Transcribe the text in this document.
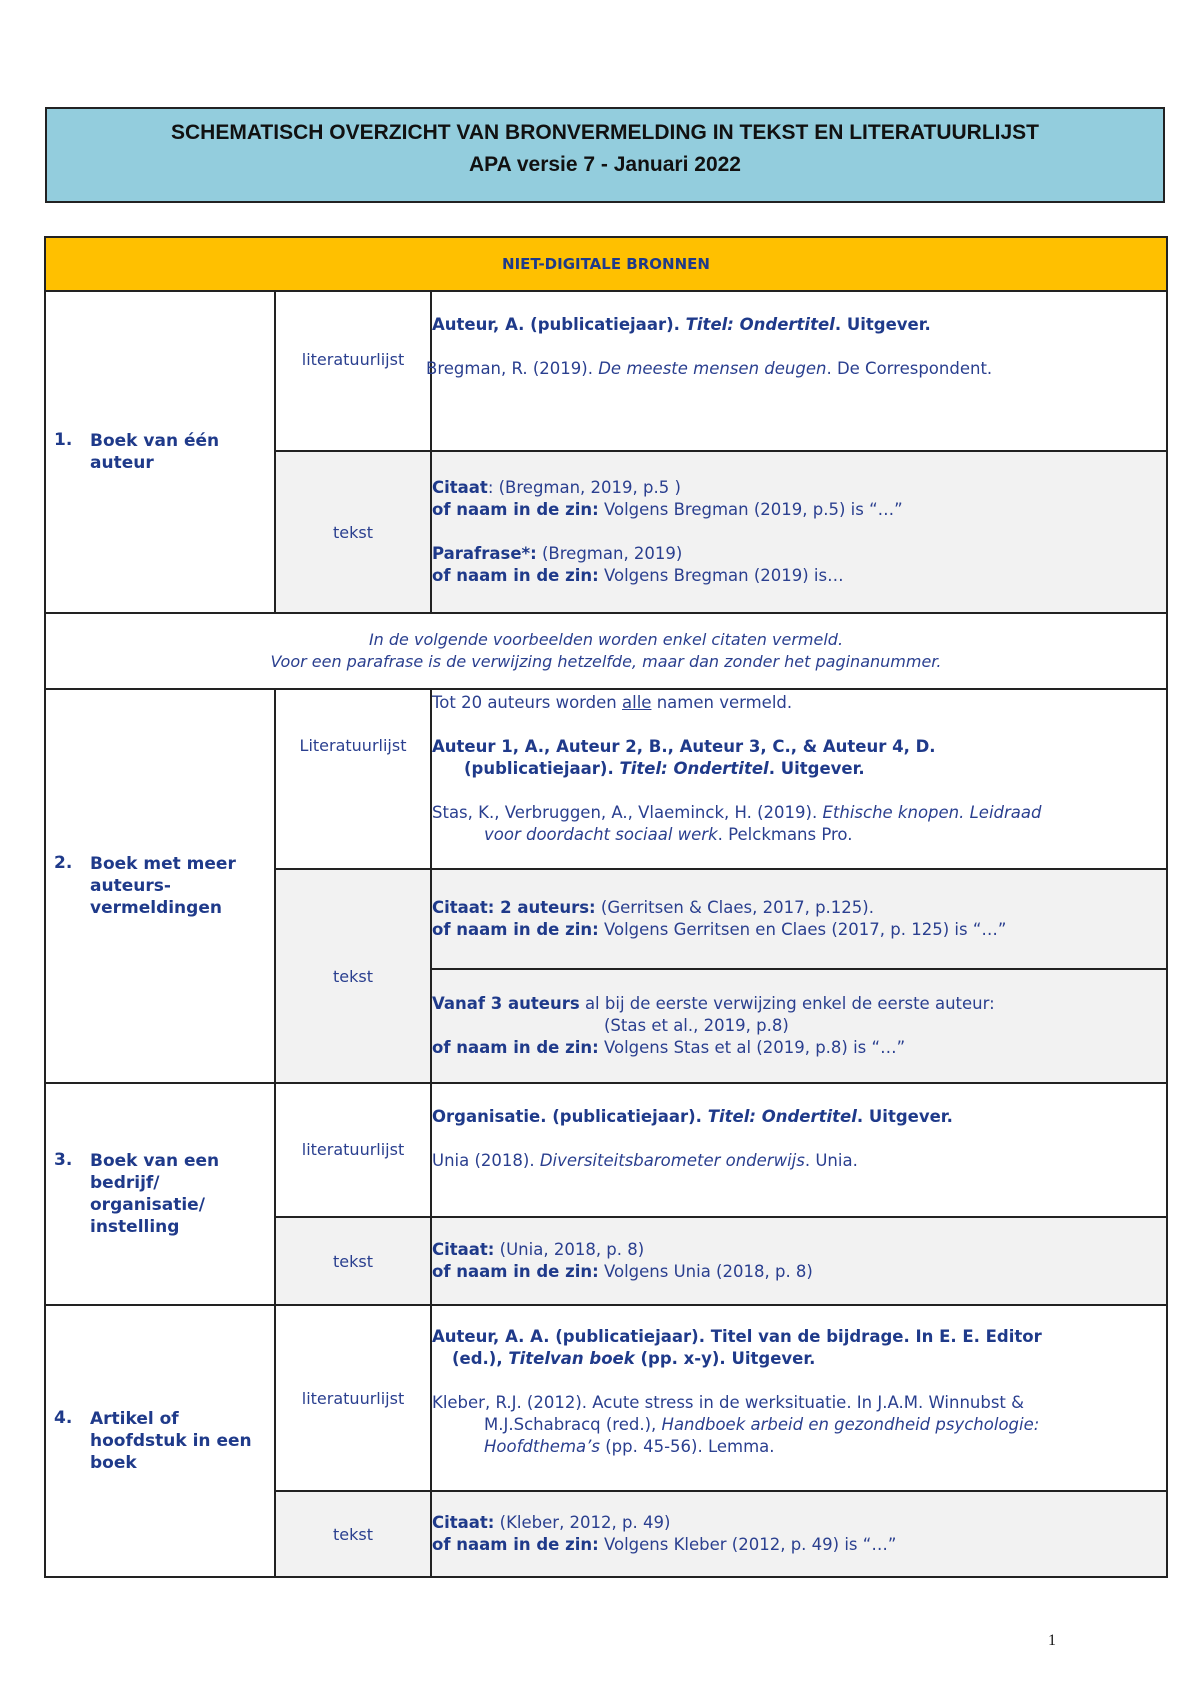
SCHEMATISCH OVERZICHT VAN BRONVERMELDING IN TEKST EN LITERATUURLIJST
APA versie 7 - Januari 2022
NIET-DIGITALE BRONNEN		
1. Boek van één auteur	literatuurlijst	Auteur, A. (publicatiejaar). Titel: Ondertitel. Uitgever.
Bregman, R. (2019). De meeste mensen deugen. De Correspondent.

	tekst	Citaat: (Bregman, 2019, p.5 )
of naam in de zin: Volgens Bregman (2019, p.5) is “…”
Parafrase*: (Bregman, 2019)
of naam in de zin: Volgens Bregman (2019) is…

In de volgende voorbeelden worden enkel citaten vermeld.
Voor een parafrase is de verwijzing hetzelfde, maar dan zonder het paginanummer.		

2. Boek met meer auteurs-vermeldingen	Literatuurlijst	Tot 20 auteurs worden alle namen vermeld.
Auteur 1, A., Auteur 2, B., Auteur 3, C., & Auteur 4, D.
(publicatiejaar). Titel: Ondertitel. Uitgever.
Stas, K., Verbruggen, A., Vlaeminck, H. (2019). Ethische knopen. Leidraad
voor doordacht sociaal werk. Pelckmans Pro.

	tekst	Citaat: 2 auteurs: (Gerritsen & Claes, 2017, p.125).
of naam in de zin: Volgens Gerritsen en Claes (2017, p. 125) is “…”

		Vanaf 3 auteurs al bij de eerste verwijzing enkel de eerste auteur:
(Stas et al., 2019, p.8)
of naam in de zin: Volgens Stas et al (2019, p.8) is “…”

3. Boek van een bedrijf/ organisatie/ instelling	literatuurlijst	Organisatie. (publicatiejaar). Titel: Ondertitel. Uitgever.
Unia (2018). Diversiteitsbarometer onderwijs. Unia.

	tekst	Citaat: (Unia, 2018, p. 8)
of naam in de zin: Volgens Unia (2018, p. 8)

4. Artikel of hoofdstuk in een boek	literatuurlijst	Auteur, A. A. (publicatiejaar). Titel van de bijdrage. In E. E. Editor
(ed.), Titelvan boek (pp. x-y). Uitgever.
Kleber, R.J. (2012). Acute stress in de werksituatie. In J.A.M. Winnubst &
M.J.Schabracq (red.), Handboek arbeid en gezondheid psychologie:
Hoofdthema’s (pp. 45-56). Lemma.

	tekst	Citaat: (Kleber, 2012, p. 49)
of naam in de zin: Volgens Kleber (2012, p. 49) is “…”
1
